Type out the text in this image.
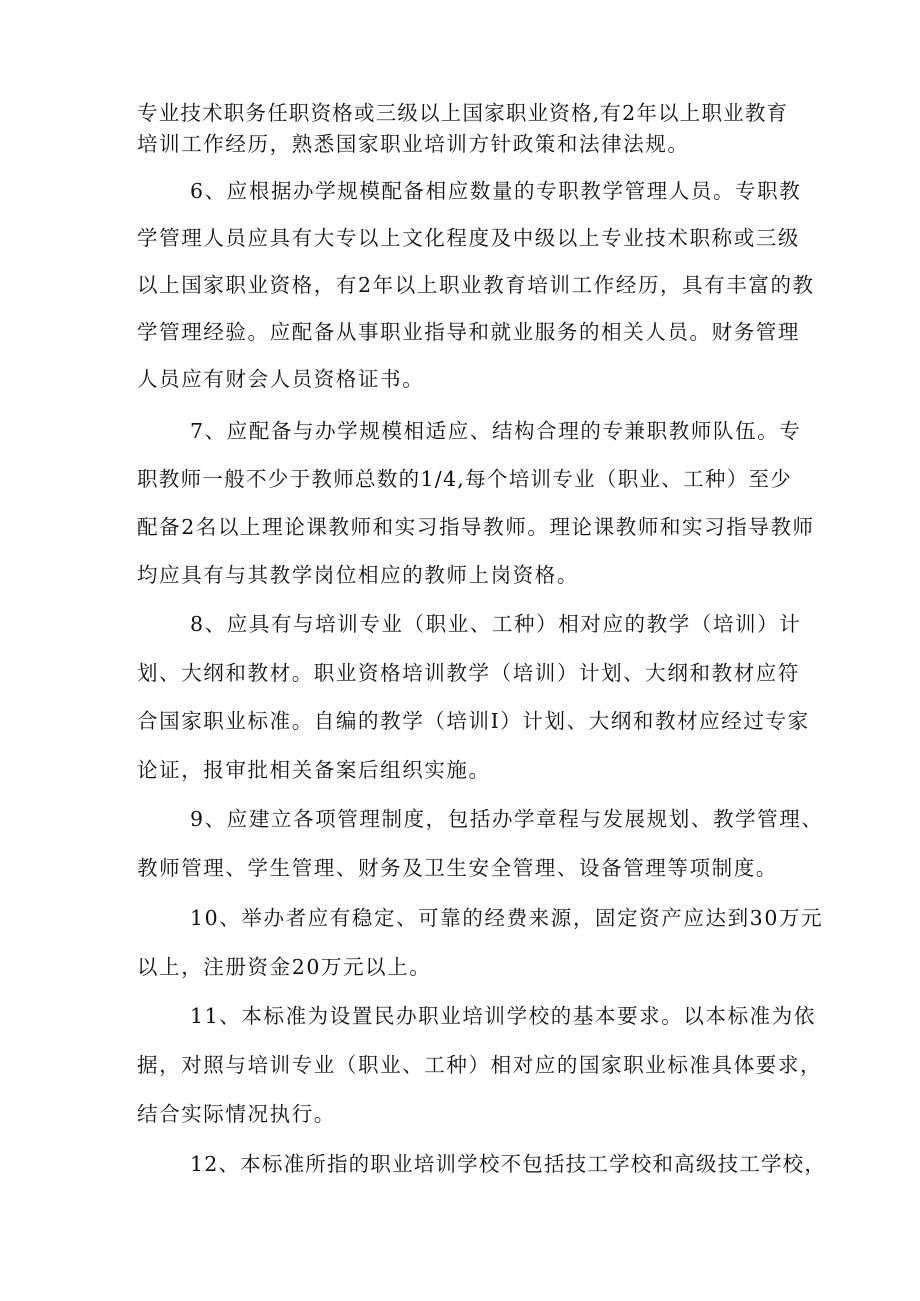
专业技术职务任职资格或三级以上国家职业资格,有2年以上职业教育
培训工作经历，熟悉国家职业培训方针政策和法律法规。
6、应根据办学规模配备相应数量的专职教学管理人员。专职教
学管理人员应具有大专以上文化程度及中级以上专业技术职称或三级
以上国家职业资格，有2年以上职业教育培训工作经历，具有丰富的教
学管理经验。应配备从事职业指导和就业服务的相关人员。财务管理
人员应有财会人员资格证书。
7、应配备与办学规模相适应、结构合理的专兼职教师队伍。专
职教师一般不少于教师总数的1/4,每个培训专业（职业、工种）至少
配备2名以上理论课教师和实习指导教师。理论课教师和实习指导教师
均应具有与其教学岗位相应的教师上岗资格。
8、应具有与培训专业（职业、工种）相对应的教学（培训）计
划、大纲和教材。职业资格培训教学（培训）计划、大纲和教材应符
合国家职业标准。自编的教学（培训I）计划、大纲和教材应经过专家
论证，报审批相关备案后组织实施。
9、应建立各项管理制度，包括办学章程与发展规划、教学管理、
教师管理、学生管理、财务及卫生安全管理、设备管理等项制度。
10、举办者应有稳定、可靠的经费来源，固定资产应达到30万元
以上，注册资金20万元以上。
11、本标准为设置民办职业培训学校的基本要求。以本标准为依
据，对照与培训专业（职业、工种）相对应的国家职业标准具体要求，
结合实际情况执行。
12、本标准所指的职业培训学校不包括技工学校和高级技工学校，
